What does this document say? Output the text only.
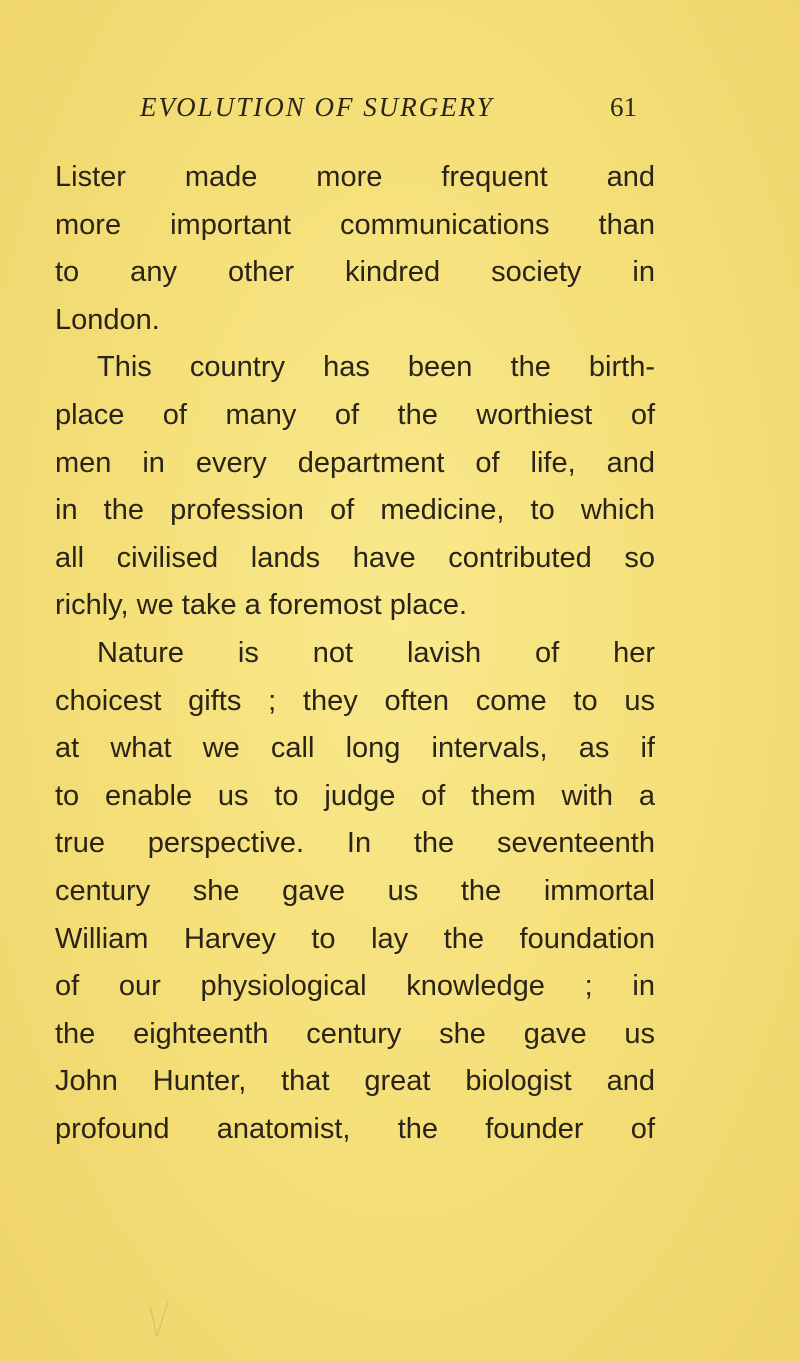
EVOLUTION OF SURGERY	61
Lister made more frequent and
more important communications than
to any other kindred society in
London.
This country has been the birth-
place of many of the worthiest of
men in every department of life, and
in the profession of medicine, to which
all civilised lands have contributed so
richly, we take a foremost place.
Nature is not lavish of her
choicest gifts ; they often come to us
at what we call long intervals, as if
to enable us to judge of them with a
true perspective. In the seventeenth
century she gave us the immortal
William Harvey to lay the foundation
of our physiological knowledge ; in
the eighteenth century she gave us
John Hunter, that great biologist and
profound anatomist, the founder of
